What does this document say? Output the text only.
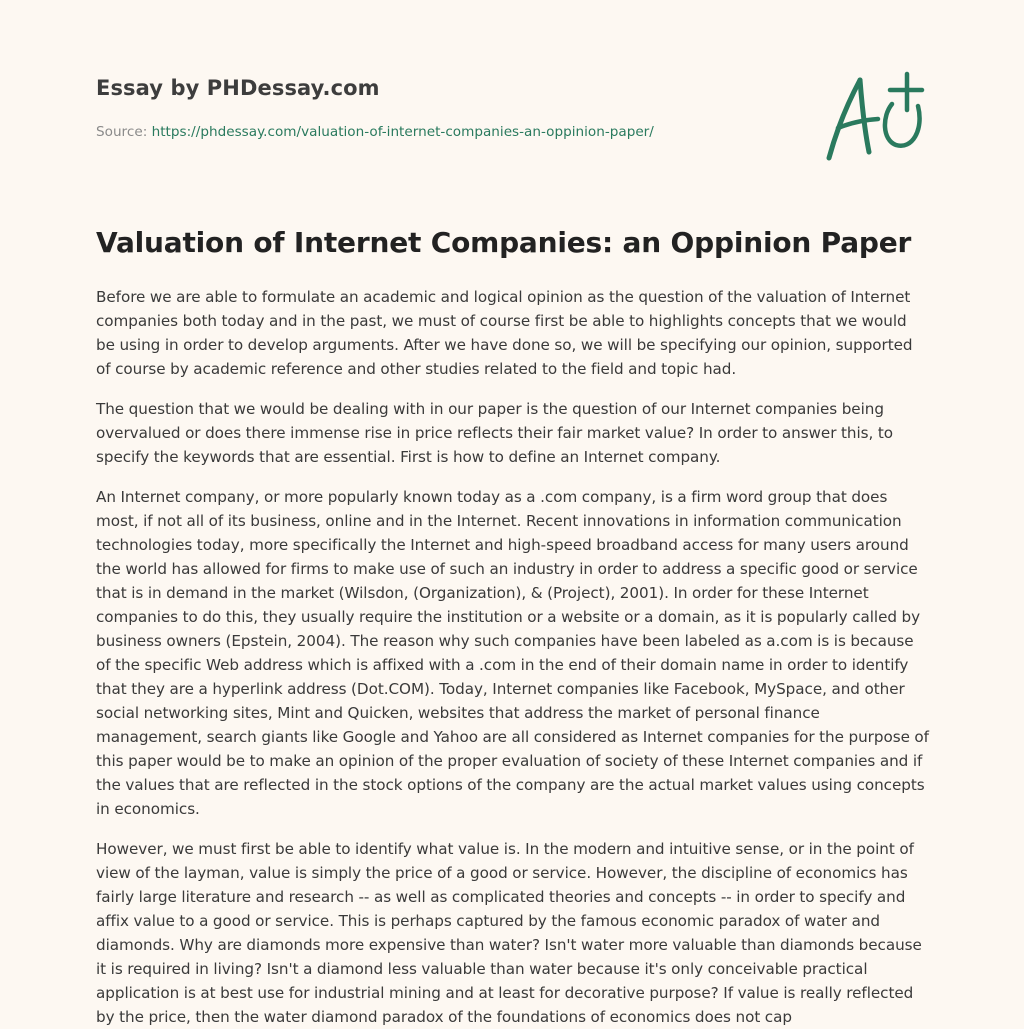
Essay by PHDessay.com
Source: https://phdessay.com/valuation-of-internet-companies-an-oppinion-paper/
Valuation of Internet Companies: an Oppinion Paper

Before we are able to formulate an academic and logical opinion as the question of the valuation of Internet companies both today and in the past, we must of course first be able to highlights concepts that we would be using in order to develop arguments. After we have done so, we will be specifying our opinion, supported of course by academic reference and other studies related to the field and topic had.

The question that we would be dealing with in our paper is the question of our Internet companies being overvalued or does there immense rise in price reflects their fair market value? In order to answer this, to specify the keywords that are essential. First is how to define an Internet company.

An Internet company, or more popularly known today as a .com company, is a firm word group that does most, if not all of its business, online and in the Internet. Recent innovations in information communication technologies today, more specifically the Internet and high-speed broadband access for many users around the world has allowed for firms to make use of such an industry in order to address a specific good or service that is in demand in the market (Wilsdon, (Organization), & (Project), 2001). In order for these Internet companies to do this, they usually require the institution or a website or a domain, as it is popularly called by business owners (Epstein, 2004). The reason why such companies have been labeled as a.com is is because of the specific Web address which is affixed with a .com in the end of their domain name in order to identify that they are a hyperlink address (Dot.COM). Today, Internet companies like Facebook, MySpace, and other social networking sites, Mint and Quicken, websites that address the market of personal finance management, search giants like Google and Yahoo are all considered as Internet companies for the purpose of this paper would be to make an opinion of the proper evaluation of society of these Internet companies and if the values that are reflected in the stock options of the company are the actual market values using concepts in economics.

However, we must first be able to identify what value is. In the modern and intuitive sense, or in the point of view of the layman, value is simply the price of a good or service. However, the discipline of economics has fairly large literature and research -- as well as complicated theories and concepts -- in order to specify and affix value to a good or service. This is perhaps captured by the famous economic paradox of water and diamonds. Why are diamonds more expensive than water? Isn't water more valuable than diamonds because it is required in living? Isn't a diamond less valuable than water because it's only conceivable practical application is at best use for industrial mining and at least for decorative purpose? If value is really reflected by the price, then the water diamond paradox of the foundations of economics does not cap
